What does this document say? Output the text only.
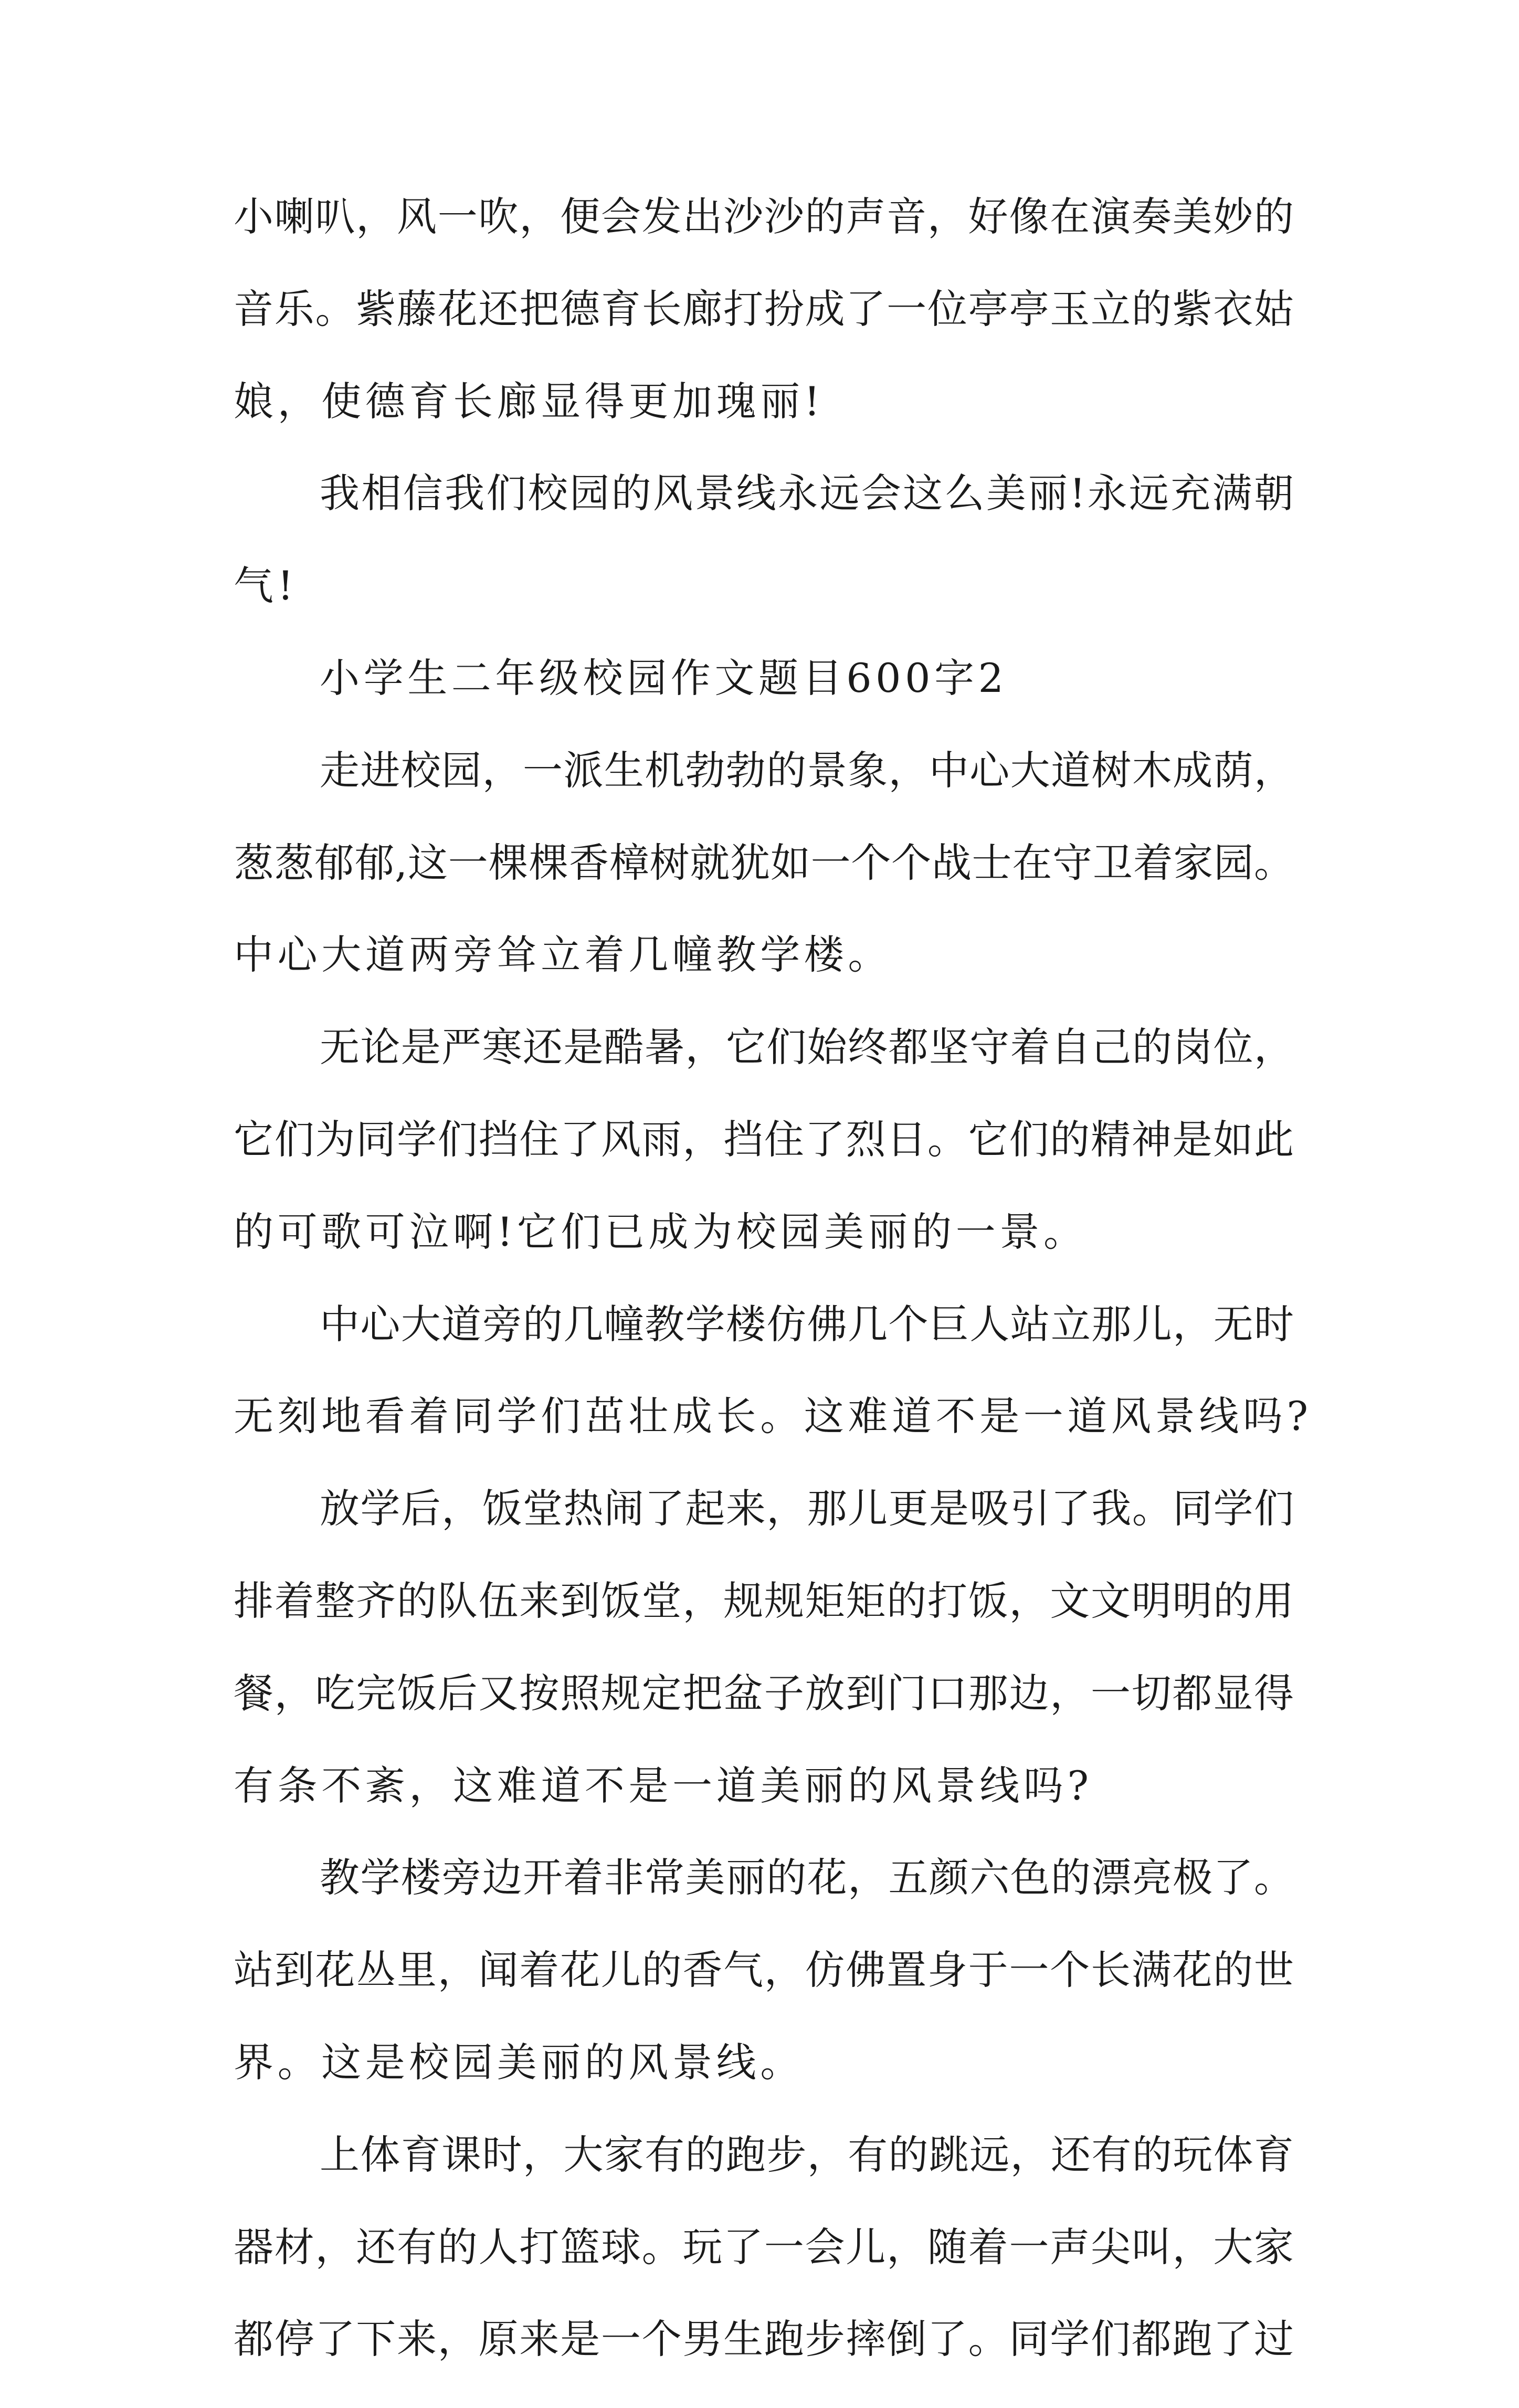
小喇叭，风一吹，便会发出沙沙的声音，好像在演奏美妙的
音乐。紫藤花还把德育长廊打扮成了一位亭亭玉立的紫衣姑
娘，使德育长廊显得更加瑰丽!
我相信我们校园的风景线永远会这么美丽!永远充满朝
气!
小学生二年级校园作文题目600字2
走进校园，一派生机勃勃的景象，中心大道树木成荫，
葱葱郁郁,这一棵棵香樟树就犹如一个个战士在守卫着家园。
中心大道两旁耸立着几幢教学楼。
无论是严寒还是酷暑，它们始终都坚守着自己的岗位，
它们为同学们挡住了风雨，挡住了烈日。它们的精神是如此
的可歌可泣啊!它们已成为校园美丽的一景。
中心大道旁的几幢教学楼仿佛几个巨人站立那儿，无时
无刻地看着同学们茁壮成长。这难道不是一道风景线吗?
放学后，饭堂热闹了起来，那儿更是吸引了我。同学们
排着整齐的队伍来到饭堂，规规矩矩的打饭，文文明明的用
餐，吃完饭后又按照规定把盆子放到门口那边，一切都显得
有条不紊，这难道不是一道美丽的风景线吗?
教学楼旁边开着非常美丽的花，五颜六色的漂亮极了。
站到花丛里，闻着花儿的香气，仿佛置身于一个长满花的世
界。这是校园美丽的风景线。
上体育课时，大家有的跑步，有的跳远，还有的玩体育
器材，还有的人打篮球。玩了一会儿，随着一声尖叫，大家
都停了下来，原来是一个男生跑步摔倒了。同学们都跑了过
